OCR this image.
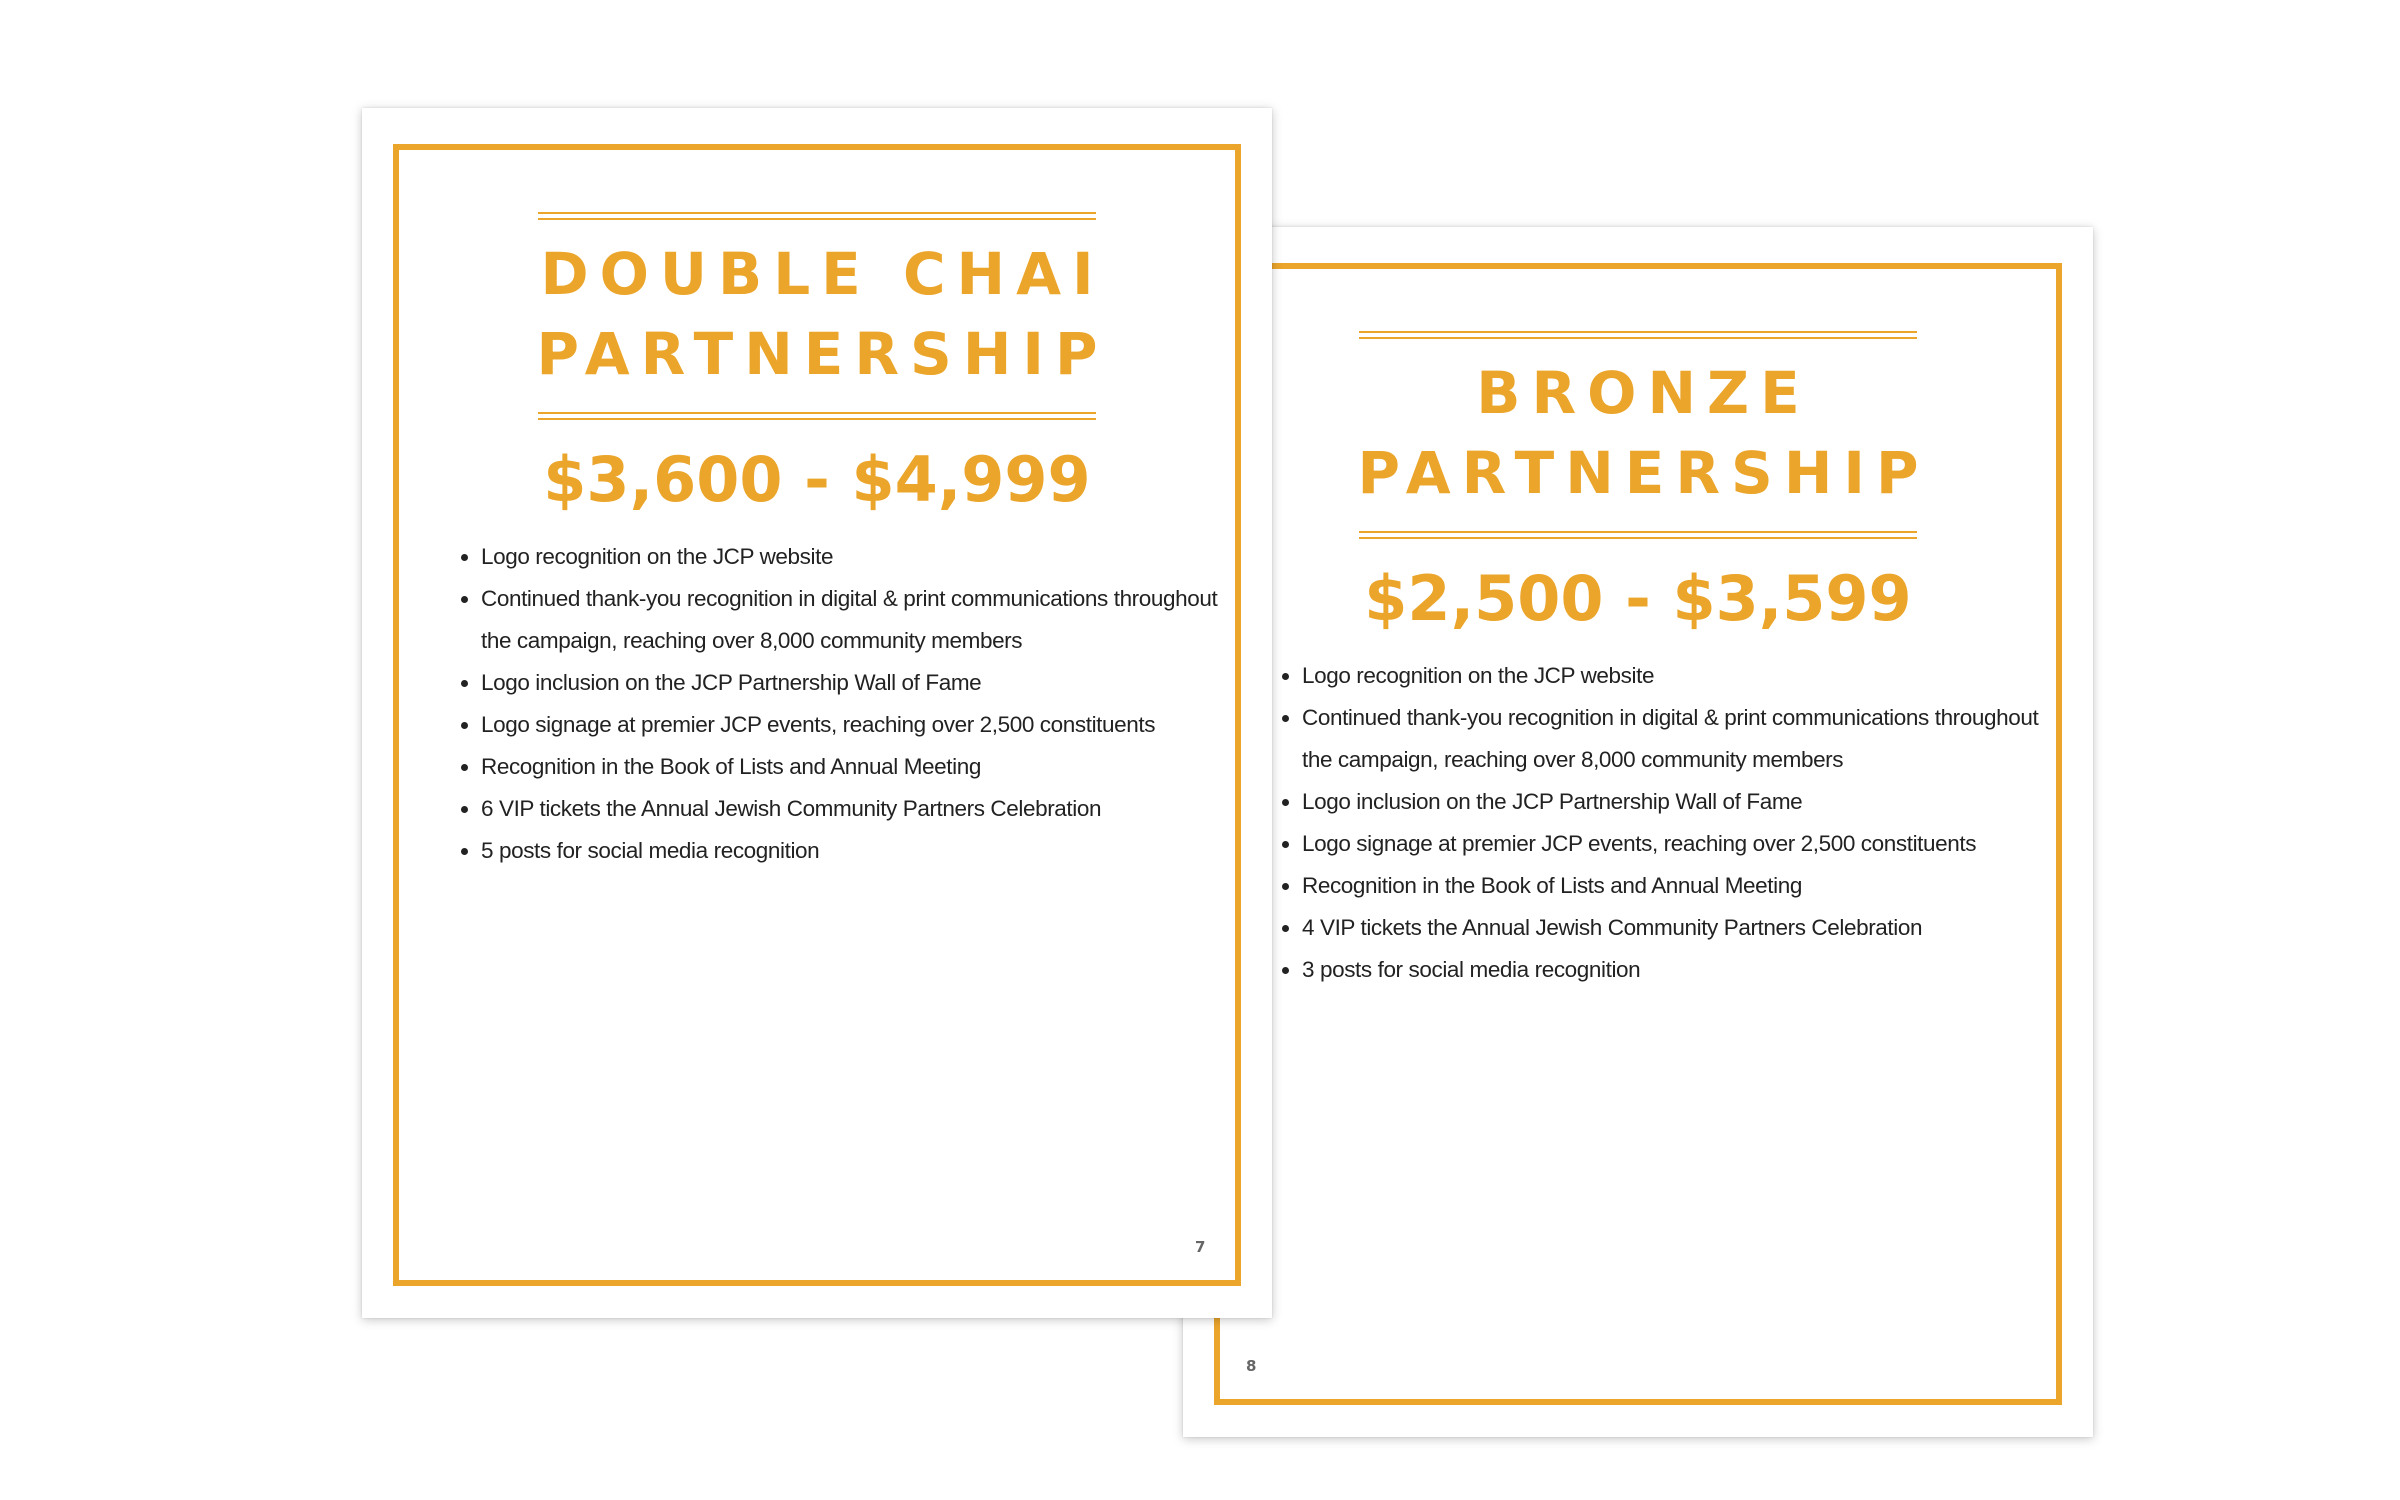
DOUBLE CHAI
PARTNERSHIP
$3,600 - $4,999
• Logo recognition on the JCP website
• Continued thank-you recognition in digital & print communications throughout the campaign, reaching over 8,000 community members
• Logo inclusion on the JCP Partnership Wall of Fame
• Logo signage at premier JCP events, reaching over 2,500 constituents
• Recognition in the Book of Lists and Annual Meeting
• 6 VIP tickets the Annual Jewish Community Partners Celebration
• 5 posts for social media recognition
7
BRONZE
PARTNERSHIP
$2,500 - $3,599
• Logo recognition on the JCP website
• Continued thank-you recognition in digital & print communications throughout the campaign, reaching over 8,000 community members
• Logo inclusion on the JCP Partnership Wall of Fame
• Logo signage at premier JCP events, reaching over 2,500 constituents
• Recognition in the Book of Lists and Annual Meeting
• 4 VIP tickets the Annual Jewish Community Partners Celebration
• 3 posts for social media recognition
8
